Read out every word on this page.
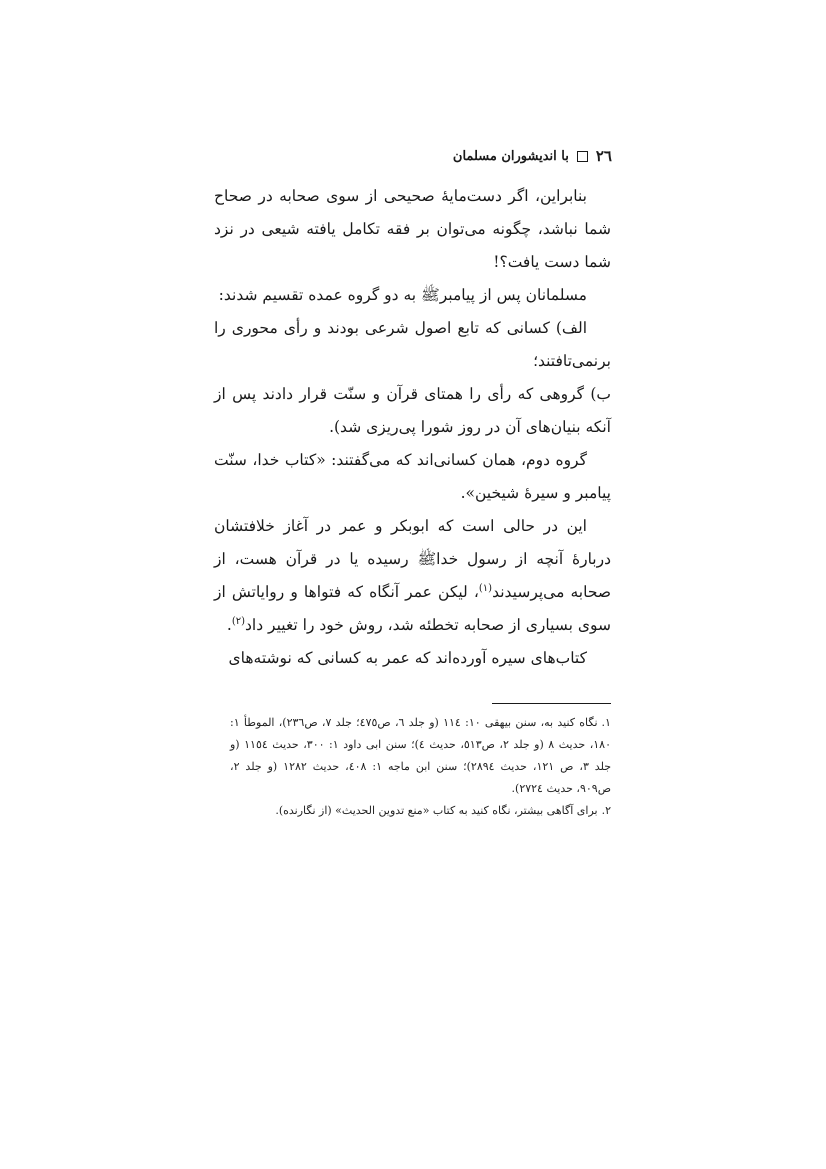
٢٦
با اندیشوران مسلمان

بنابراین، اگر دست‌مایهٔ صحیحی از سوی صحابه در صحاح شما نباشد، چگونه می‌توان بر فقه تکامل یافته شیعی در نزد شما دست یافت؟!

مسلمانان پس از پیامبرﷺ به دو گروه عمده تقسیم شدند:

الف) کسانی که تابع اصول شرعی بودند و رأی محوری را برنمی‌تافتند؛

ب) گروهی که رأی را همتای قرآن و سنّت قرار دادند پس از آنکه بنیان‌های آن در روز شورا پی‌ریزی شد).

گروه دوم، همان کسانی‌اند که می‌گفتند: «کتاب خدا، سنّت پیامبر و سیرهٔ شیخین».

این در حالی است که ابوبکر و عمر در آغاز خلافتشان دربارهٔ آنچه از رسول خداﷺ رسیده یا در قرآن هست، از صحابه می‌پرسیدند$^{(١)}$، لیکن عمر آنگاه که فتواها و روایاتش از سوی بسیاری از صحابه تخطئه شد، روش خود را تغییر داد$^{(٢)}$.

کتاب‌های سیره آورده‌اند که عمر به کسانی که نوشته‌های

١.نگاه کنید به، سنن بیهقی ١٠: ١١٤ (و جلد ٦، ص٤٧٥؛ جلد ٧، ص٢٣٦)، الموطأ ١: ١٨٠، حدیث ٨ (و جلد ٢، ص٥١٣، حدیث ٤)؛ سنن ابی داود ١: ٣٠٠، حدیث ١١٥٤ (و جلد ٣، ص ١٢١، حدیث ٢٨٩٤)؛ سنن ابن ماجه ١: ٤٠٨، حدیث ١٢٨٢ (و جلد ٢، ص٩٠٩، حدیث ٢٧٢٤).

٢.برای آگاهی بیشتر، نگاه کنید به کتاب «منع تدوین الحدیث» (از نگارنده).
